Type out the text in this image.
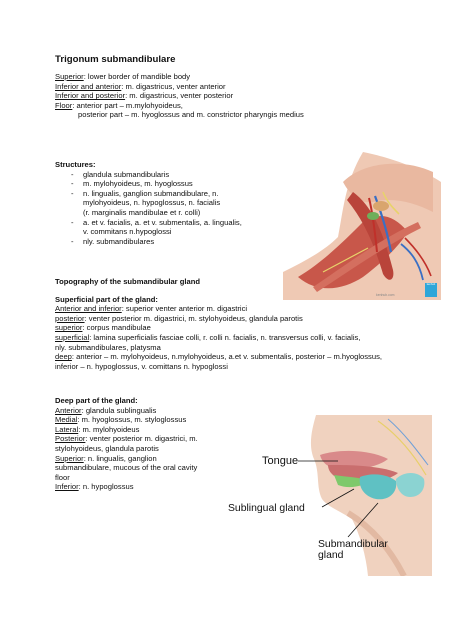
Trigonum submandibulare
Superior: lower border of mandible body
Inferior and anterior: m. digastricus, venter anterior
Inferior and posterior: m. digastricus, venter posterior
Floor: anterior part – m.mylohyoideus,
posterior part – m. hyoglossus and m. constrictor pharyngis medius
Structures:
-	glandula submandibularis
-	m. mylohyoideus, m. hyoglossus
-	n. lingualis, ganglion submandibulare, n.
mylohyoideus, n. hypoglossus, n. facialis
(r. marginalis mandibulae et r. colli)
-	a. et v. facialis, a. et v. submentalis, a. lingualis,
v. commitans n.hypoglossi
-	nly. submandibulares
kenhub.com
kenhub
Topography of the submandibular gland
Superficial part of the gland:
Anterior and inferior: superior venter anterior m. digastrici
posterior: venter posterior m. digastrici, m. stylohyoideus, glandula parotis
superior: corpus mandibulae
superficial: lamina superficialis fasciae colli, r. colli n. facialis, n. transversus colli, v. facialis,
nly. submandibulares, platysma
deep: anterior – m. mylohyoideus, n.mylohyoideus, a.et v. submentalis, posterior – m.hyoglossus,
inferior – n. hypoglossus, v. comittans n. hypoglossi
Deep part of the gland:
Anterior: glandula sublingualis
Medial: m. hyoglossus, m. styloglossus
Lateral: m. mylohyoideus
Posterior: venter posterior m. digastrici, m.
stylohyoideus, glandula parotis
Superior: n. lingualis, ganglion
submandibulare, mucous of the oral cavity
floor
Inferior: n. hypoglossus
Tongue
Sublingual gland
Submandibular
gland
